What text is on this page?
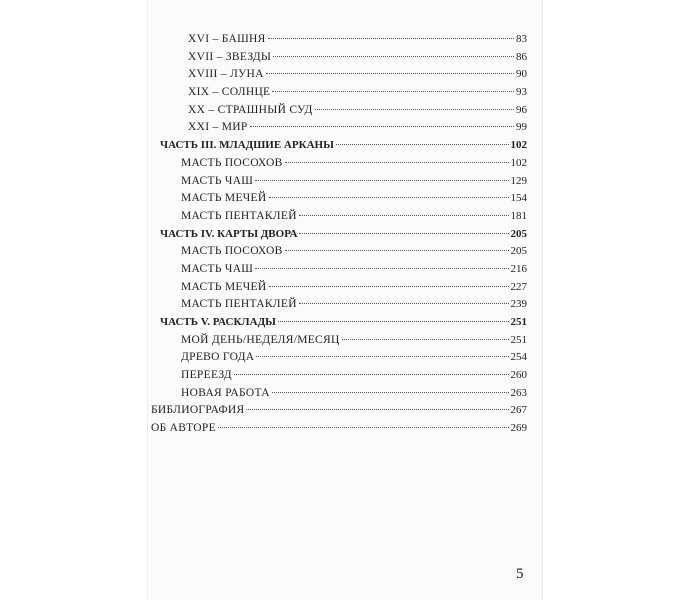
XVI – БАШНЯ	83
XVII – ЗВЕЗДЫ	86
XVIII – ЛУНА	90
XIX – СОЛНЦЕ	93
XX – СТРАШНЫЙ СУД	96
XXI – МИР	99
ЧАСТЬ III. МЛАДШИЕ АРКАНЫ	102
МАСТЬ ПОСОХОВ	102
МАСТЬ ЧАШ	129
МАСТЬ МЕЧЕЙ	154
МАСТЬ ПЕНТАКЛЕЙ	181
ЧАСТЬ IV. КАРТЫ ДВОРА	205
МАСТЬ ПОСОХОВ	205
МАСТЬ ЧАШ	216
МАСТЬ МЕЧЕЙ	227
МАСТЬ ПЕНТАКЛЕЙ	239
ЧАСТЬ V. РАСКЛАДЫ	251
МОЙ ДЕНЬ/НЕДЕЛЯ/МЕСЯЦ	251
ДРЕВО ГОДА	254
ПЕРЕЕЗД	260
НОВАЯ РАБОТА	263
БИБЛИОГРАФИЯ	267
ОБ АВТОРЕ	269
5
